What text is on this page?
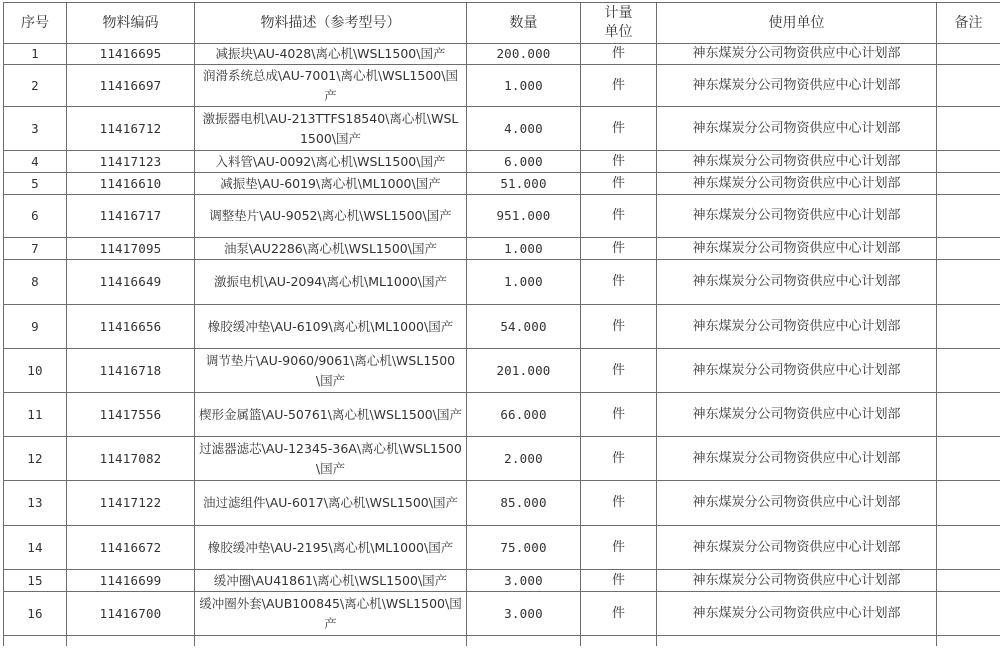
序号	物料编码	物料描述（参考型号）	数量	计量单位	使用单位	备注
1	11416695	减振块\AU-4028\离心机\WSL1500\国产	200.000	件	神东煤炭分公司物资供应中心计划部	
2	11416697	润滑系统总成\AU-7001\离心机\WSL1500\国产	1.000	件	神东煤炭分公司物资供应中心计划部	
3	11416712	激振器电机\AU-213TTFS18540\离心机\WSL1500\国产	4.000	件	神东煤炭分公司物资供应中心计划部	
4	11417123	入料管\AU-0092\离心机\WSL1500\国产	6.000	件	神东煤炭分公司物资供应中心计划部	
5	11416610	减振垫\AU-6019\离心机\ML1000\国产	51.000	件	神东煤炭分公司物资供应中心计划部	
6	11416717	调整垫片\AU-9052\离心机\WSL1500\国产	951.000	件	神东煤炭分公司物资供应中心计划部	
7	11417095	油泵\AU2286\离心机\WSL1500\国产	1.000	件	神东煤炭分公司物资供应中心计划部	
8	11416649	激振电机\AU-2094\离心机\ML1000\国产	1.000	件	神东煤炭分公司物资供应中心计划部	
9	11416656	橡胶缓冲垫\AU-6109\离心机\ML1000\国产	54.000	件	神东煤炭分公司物资供应中心计划部	
10	11416718	调节垫片\AU-9060/9061\离心机\WSL1500\国产	201.000	件	神东煤炭分公司物资供应中心计划部	
11	11417556	楔形金属篮\AU-50761\离心机\WSL1500\国产	66.000	件	神东煤炭分公司物资供应中心计划部	
12	11417082	过滤器滤芯\AU-12345-36A\离心机\WSL1500\国产	2.000	件	神东煤炭分公司物资供应中心计划部	
13	11417122	油过滤组件\AU-6017\离心机\WSL1500\国产	85.000	件	神东煤炭分公司物资供应中心计划部	
14	11416672	橡胶缓冲垫\AU-2195\离心机\ML1000\国产	75.000	件	神东煤炭分公司物资供应中心计划部	
15	11416699	缓冲圈\AU41861\离心机\WSL1500\国产	3.000	件	神东煤炭分公司物资供应中心计划部	
16	11416700	缓冲圈外套\AUB100845\离心机\WSL1500\国产	3.000	件	神东煤炭分公司物资供应中心计划部	
